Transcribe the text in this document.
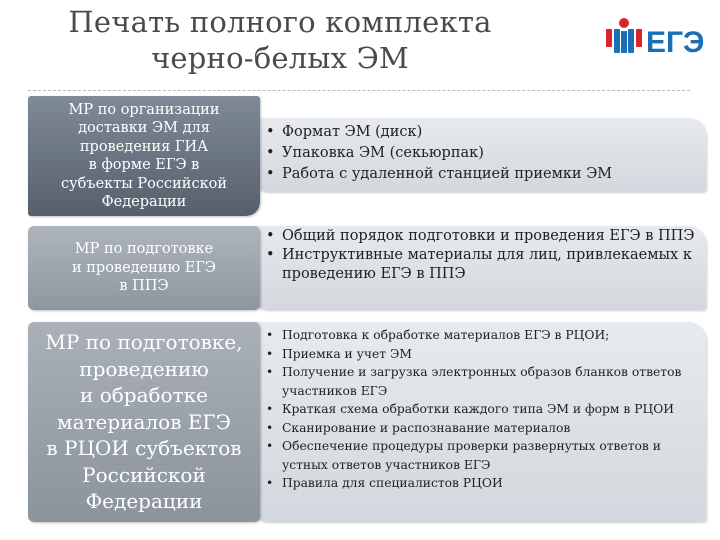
Печать полного комплекта
черно-белых ЭМ	ЕГЭ
• Формат ЭМ (диск)
• Упаковка ЭМ (секьюрпак)
• Работа с удаленной станцией приемки ЭМ
МР по организации
доставки ЭМ для
проведения ГИА
в форме ЕГЭ в
субъекты Российской
Федерации
• Общий порядок подготовки и проведения ЕГЭ в ППЭ
• Инструктивные материалы для лиц, привлекаемых к проведению ЕГЭ в ППЭ
МР по подготовке
и проведению ЕГЭ
в ППЭ
• Подготовка к обработке материалов ЕГЭ в РЦОИ;
• Приемка и учет ЭМ
• Получение и загрузка электронных образов бланков ответов участников ЕГЭ
• Краткая схема обработки каждого типа ЭМ и форм в РЦОИ
• Сканирование и распознавание материалов
• Обеспечение процедуры проверки развернутых ответов и устных ответов участников ЕГЭ
• Правила для специалистов РЦОИ
МР по подготовке,
проведению
и обработке
материалов ЕГЭ
в РЦОИ субъектов
Российской
Федерации
